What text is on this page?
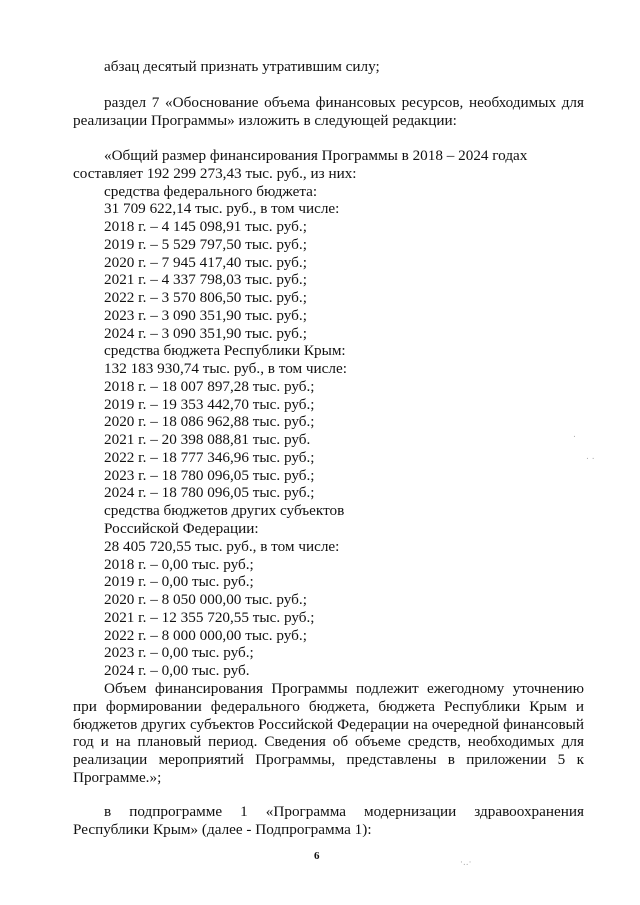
абзац десятый признать утратившим силу;
раздел 7 «Обоснование объема финансовых ресурсов, необходимых для
реализации Программы» изложить в следующей редакции:
«Общий размер финансирования Программы в 2018 – 2024 годах
составляет 192 299 273,43 тыс. руб., из них:
средства федерального бюджета:
31 709 622,14 тыс. руб., в том числе:
2018 г. – 4 145 098,91 тыс. руб.;
2019 г. – 5 529 797,50 тыс. руб.;
2020 г. – 7 945 417,40 тыс. руб.;
2021 г. – 4 337 798,03 тыс. руб.;
2022 г. – 3 570 806,50 тыс. руб.;
2023 г. – 3 090 351,90 тыс. руб.;
2024 г. – 3 090 351,90 тыс. руб.;
средства бюджета Республики Крым:
132 183 930,74 тыс. руб., в том числе:
2018 г. – 18 007 897,28 тыс. руб.;
2019 г. – 19 353 442,70 тыс. руб.;
2020 г. – 18 086 962,88 тыс. руб.;
2021 г. – 20 398 088,81 тыс. руб.
2022 г. – 18 777 346,96 тыс. руб.;
2023 г. – 18 780 096,05 тыс. руб.;
2024 г. – 18 780 096,05 тыс. руб.;
средства бюджетов других субъектов
Российской Федерации:
28 405 720,55 тыс. руб., в том числе:
2018 г. – 0,00 тыс. руб.;
2019 г. – 0,00 тыс. руб.;
2020 г. – 8 050 000,00 тыс. руб.;
2021 г. – 12 355 720,55 тыс. руб.;
2022 г. – 8 000 000,00 тыс. руб.;
2023 г. – 0,00 тыс. руб.;
2024 г. – 0,00 тыс. руб.
Объем финансирования Программы подлежит ежегодному уточнению
при формировании федерального бюджета, бюджета Республики Крым и
бюджетов других субъектов Российской Федерации на очередной финансовый
год и на плановый период. Сведения об объеме средств, необходимых для
реализации мероприятий Программы, представлены в приложении 5 к
Программе.»;
в подпрограмме 1 «Программа модернизации здравоохранения
Республики Крым» (далее - Подпрограмма 1):
6
.
. .
·..·
